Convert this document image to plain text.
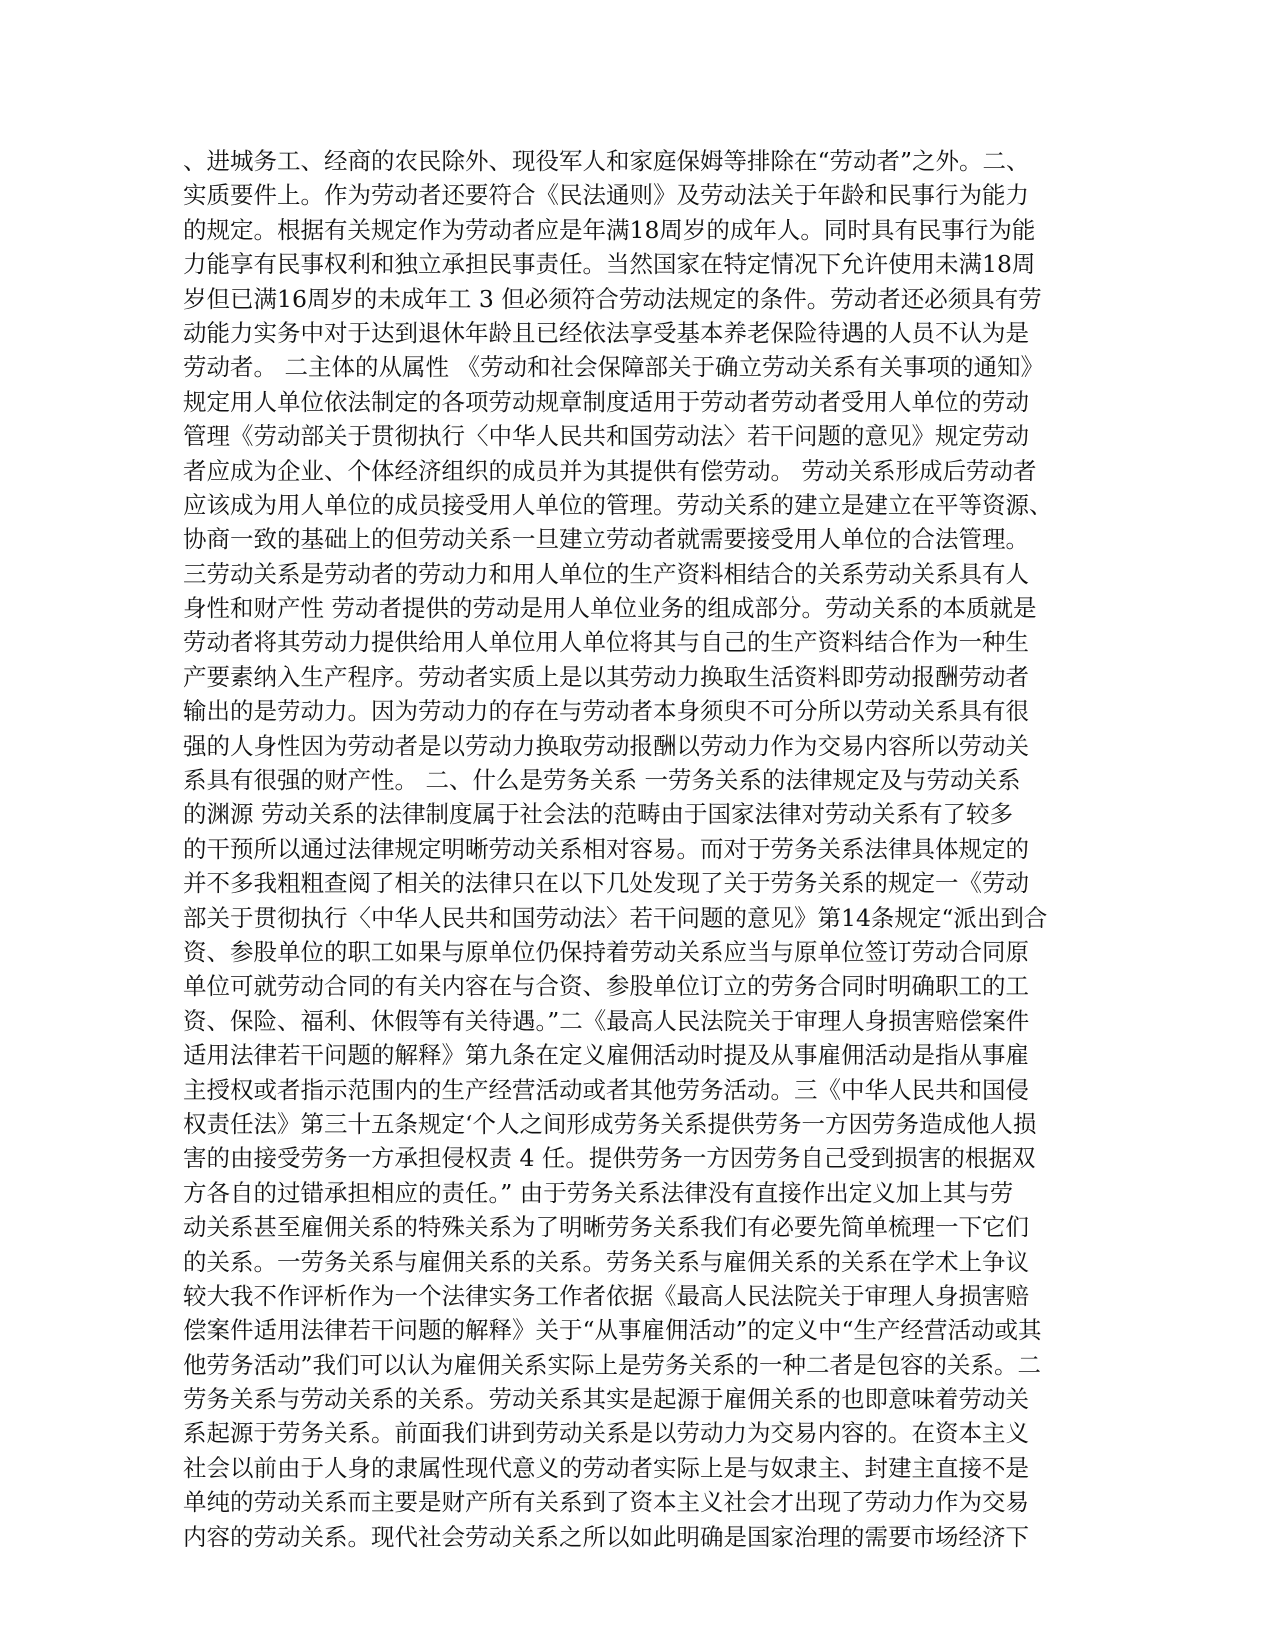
、进城务工、经商的农民除外、现役军人和家庭保姆等排除在“劳动者”之外。二、
实质要件上。作为劳动者还要符合《民法通则》及劳动法关于年龄和民事行为能力
的规定。根据有关规定作为劳动者应是年满18周岁的成年人。同时具有民事行为能
力能享有民事权利和独立承担民事责任。当然国家在特定情况下允许使用未满18周
岁但已满16周岁的未成年工 3 但必须符合劳动法规定的条件。劳动者还必须具有劳
动能力实务中对于达到退休年龄且已经依法享受基本养老保险待遇的人员不认为是
劳动者。 二主体的从属性 《劳动和社会保障部关于确立劳动关系有关事项的通知》
规定用人单位依法制定的各项劳动规章制度适用于劳动者劳动者受用人单位的劳动
管理《劳动部关于贯彻执行〈中华人民共和国劳动法〉若干问题的意见》规定劳动
者应成为企业、个体经济组织的成员并为其提供有偿劳动。 劳动关系形成后劳动者
应该成为用人单位的成员接受用人单位的管理。劳动关系的建立是建立在平等资源、
协商一致的基础上的但劳动关系一旦建立劳动者就需要接受用人单位的合法管理。
三劳动关系是劳动者的劳动力和用人单位的生产资料相结合的关系劳动关系具有人
身性和财产性 劳动者提供的劳动是用人单位业务的组成部分。劳动关系的本质就是
劳动者将其劳动力提供给用人单位用人单位将其与自己的生产资料结合作为一种生
产要素纳入生产程序。劳动者实质上是以其劳动力换取生活资料即劳动报酬劳动者
输出的是劳动力。因为劳动力的存在与劳动者本身须臾不可分所以劳动关系具有很
强的人身性因为劳动者是以劳动力换取劳动报酬以劳动力作为交易内容所以劳动关
系具有很强的财产性。 二、什么是劳务关系 一劳务关系的法律规定及与劳动关系
的渊源 劳动关系的法律制度属于社会法的范畴由于国家法律对劳动关系有了较多
的干预所以通过法律规定明晰劳动关系相对容易。而对于劳务关系法律具体规定的
并不多我粗粗查阅了相关的法律只在以下几处发现了关于劳务关系的规定一《劳动
部关于贯彻执行〈中华人民共和国劳动法〉若干问题的意见》第14条规定“派出到合
资、参股单位的职工如果与原单位仍保持着劳动关系应当与原单位签订劳动合同原
单位可就劳动合同的有关内容在与合资、参股单位订立的劳务合同时明确职工的工
资、保险、福利、休假等有关待遇。”二《最高人民法院关于审理人身损害赔偿案件
适用法律若干问题的解释》第九条在定义雇佣活动时提及从事雇佣活动是指从事雇
主授权或者指示范围内的生产经营活动或者其他劳务活动。三《中华人民共和国侵
权责任法》第三十五条规定‘个人之间形成劳务关系提供劳务一方因劳务造成他人损
害的由接受劳务一方承担侵权责 4 任。提供劳务一方因劳务自己受到损害的根据双
方各自的过错承担相应的责任。” 由于劳务关系法律没有直接作出定义加上其与劳
动关系甚至雇佣关系的特殊关系为了明晰劳务关系我们有必要先简单梳理一下它们
的关系。一劳务关系与雇佣关系的关系。劳务关系与雇佣关系的关系在学术上争议
较大我不作评析作为一个法律实务工作者依据《最高人民法院关于审理人身损害赔
偿案件适用法律若干问题的解释》关于“从事雇佣活动”的定义中“生产经营活动或其
他劳务活动”我们可以认为雇佣关系实际上是劳务关系的一种二者是包容的关系。二
劳务关系与劳动关系的关系。劳动关系其实是起源于雇佣关系的也即意味着劳动关
系起源于劳务关系。前面我们讲到劳动关系是以劳动力为交易内容的。在资本主义
社会以前由于人身的隶属性现代意义的劳动者实际上是与奴隶主、封建主直接不是
单纯的劳动关系而主要是财产所有关系到了资本主义社会才出现了劳动力作为交易
内容的劳动关系。现代社会劳动关系之所以如此明确是国家治理的需要市场经济下
